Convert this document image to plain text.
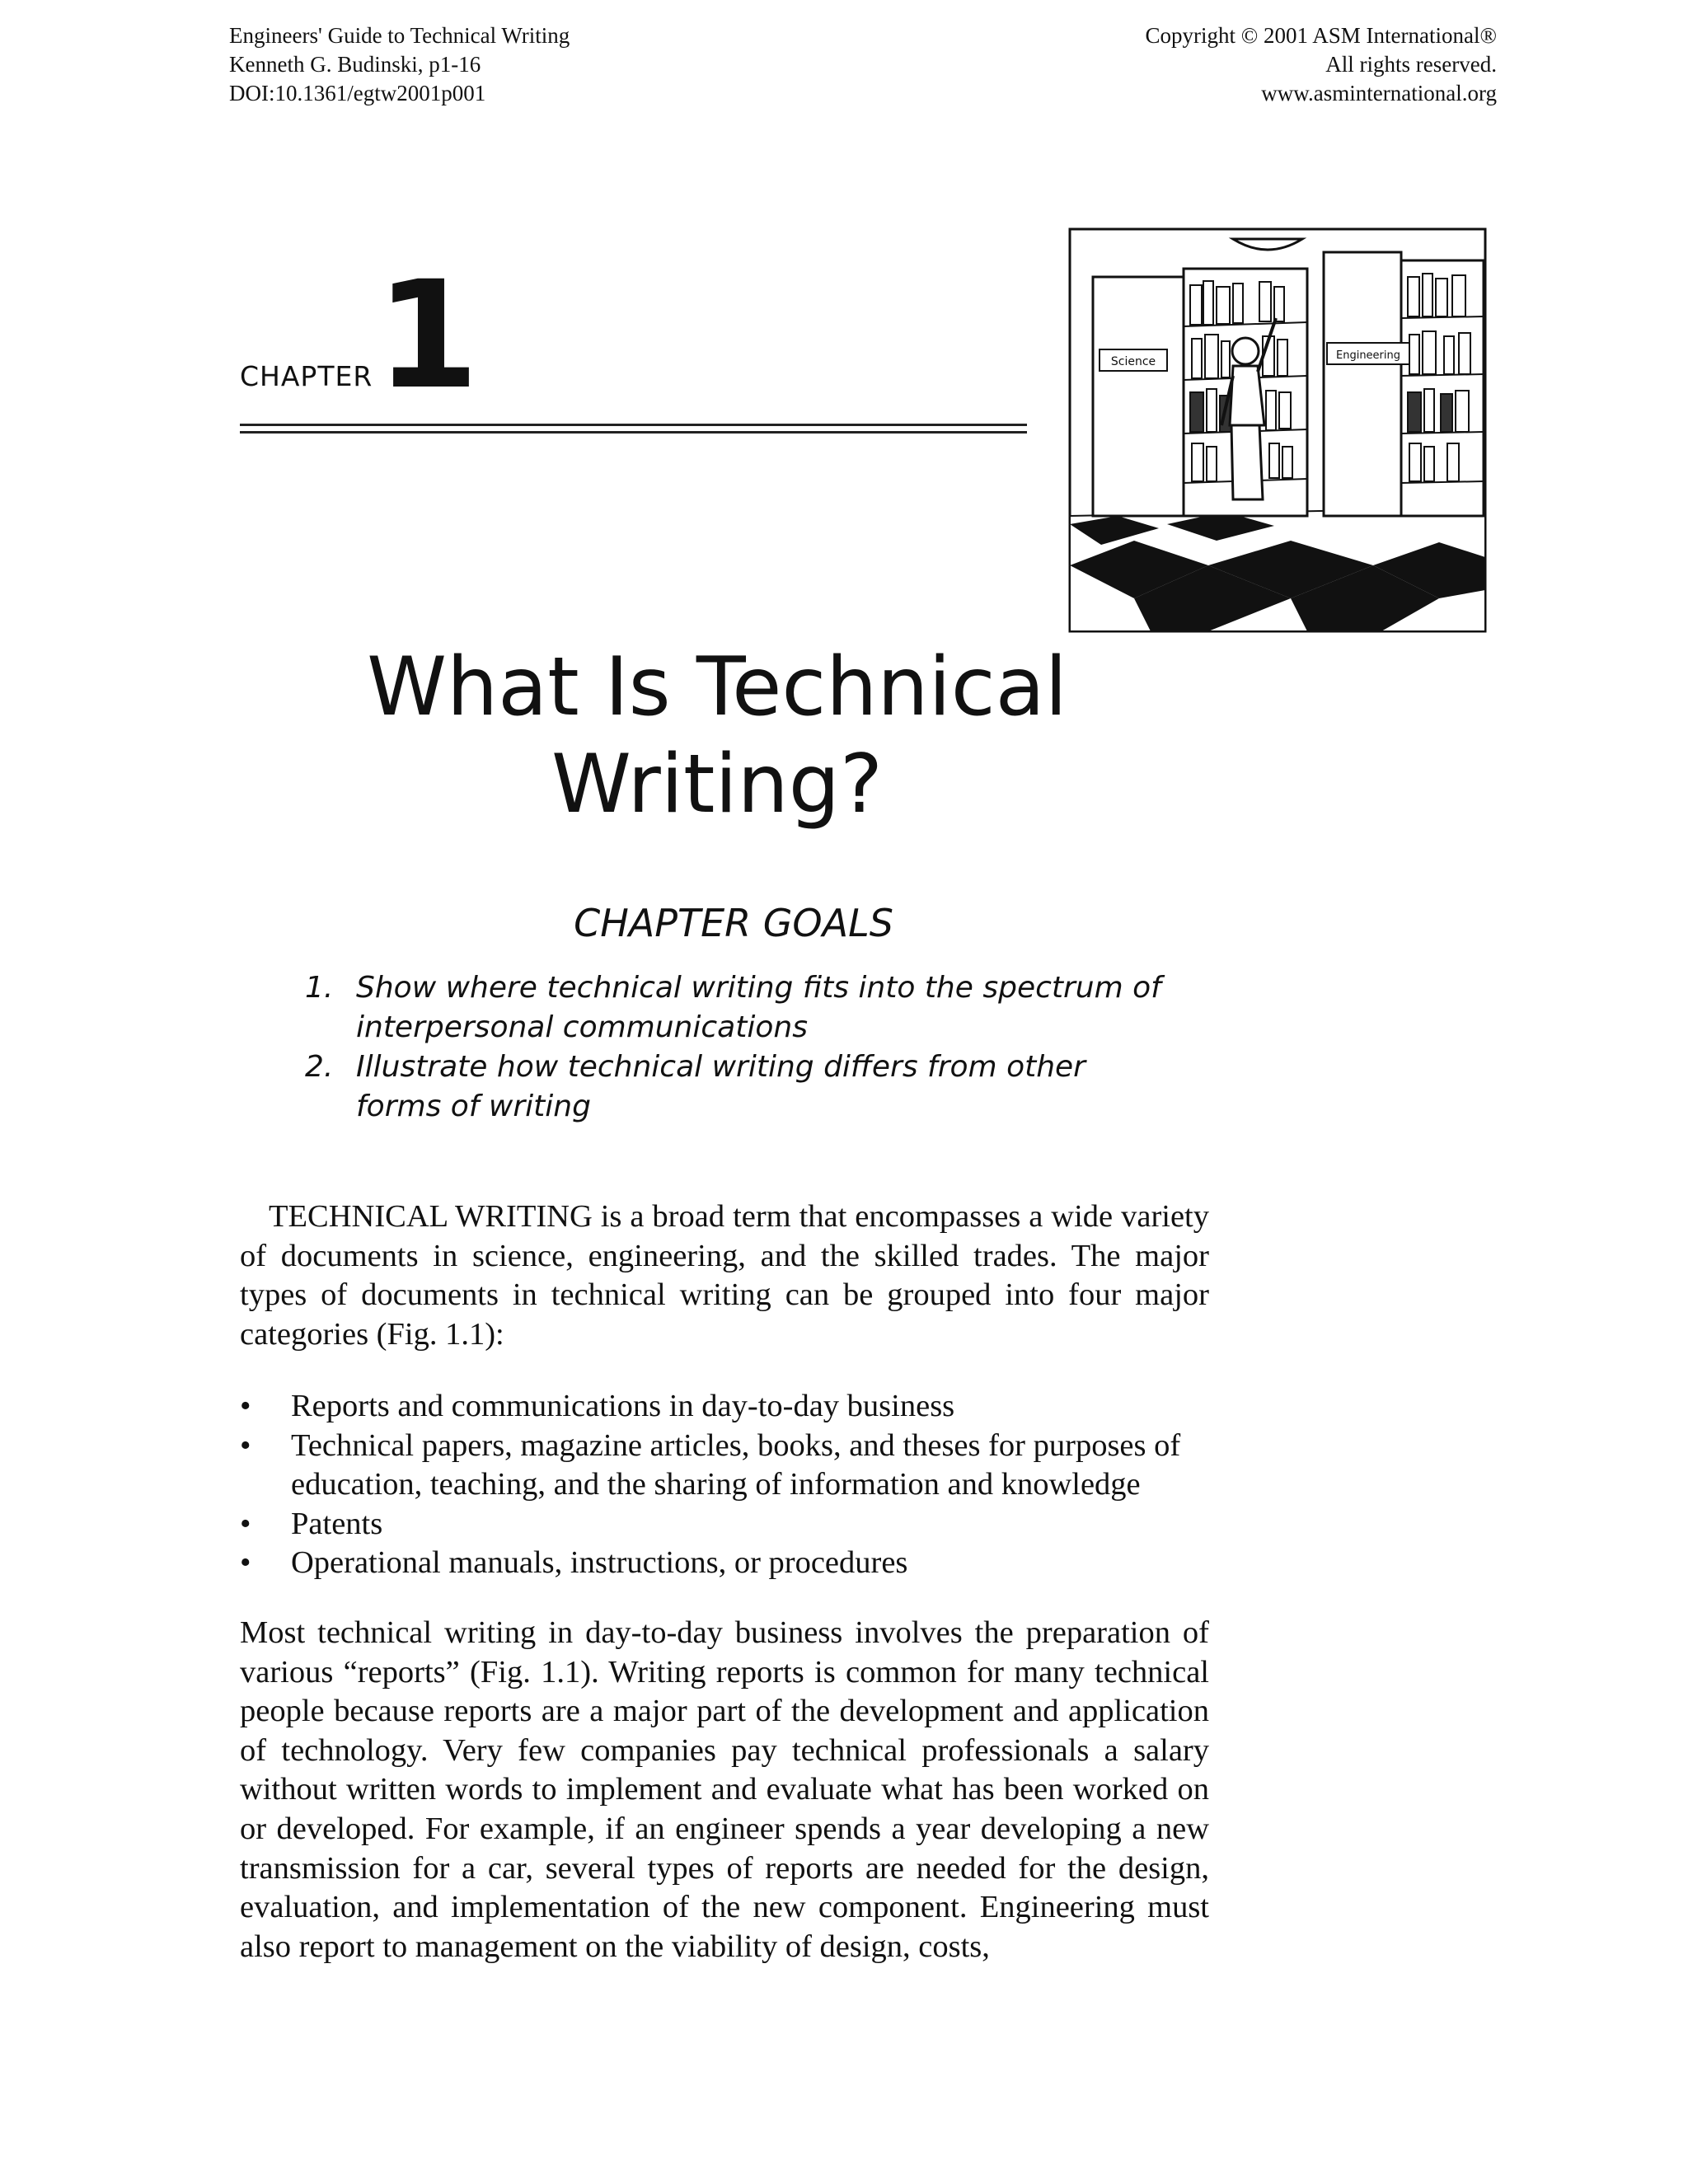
Engineers' Guide to Technical Writing
Kenneth G. Budinski, p1-16
DOI:10.1361/egtw2001p001
Copyright © 2001 ASM International®
All rights reserved.
www.asminternational.org
CHAPTER 1	Science	Engineering
What Is Technical
Writing?
CHAPTER GOALS
1. Show where technical writing fits into the spectrum of interpersonal communications
2. Illustrate how technical writing differs from other forms of writing

TECHNICAL WRITING is a broad term that encompasses a wide variety of documents in science, engineering, and the skilled trades. The major types of documents in technical writing can be grouped into four major categories (Fig. 1.1):

• Reports and communications in day-to-day business
• Technical papers, magazine articles, books, and theses for purposes of education, teaching, and the sharing of information and knowledge
• Patents
• Operational manuals, instructions, or procedures

Most technical writing in day-to-day business involves the preparation of various “reports” (Fig. 1.1). Writing reports is common for many technical people because reports are a major part of the development and application of technology. Very few companies pay technical professionals a salary without written words to implement and evaluate what has been worked on or developed. For example, if an engineer spends a year developing a new transmission for a car, several types of reports are needed for the design, evaluation, and implementation of the new component. Engineering must also report to management on the viability of design, costs,
